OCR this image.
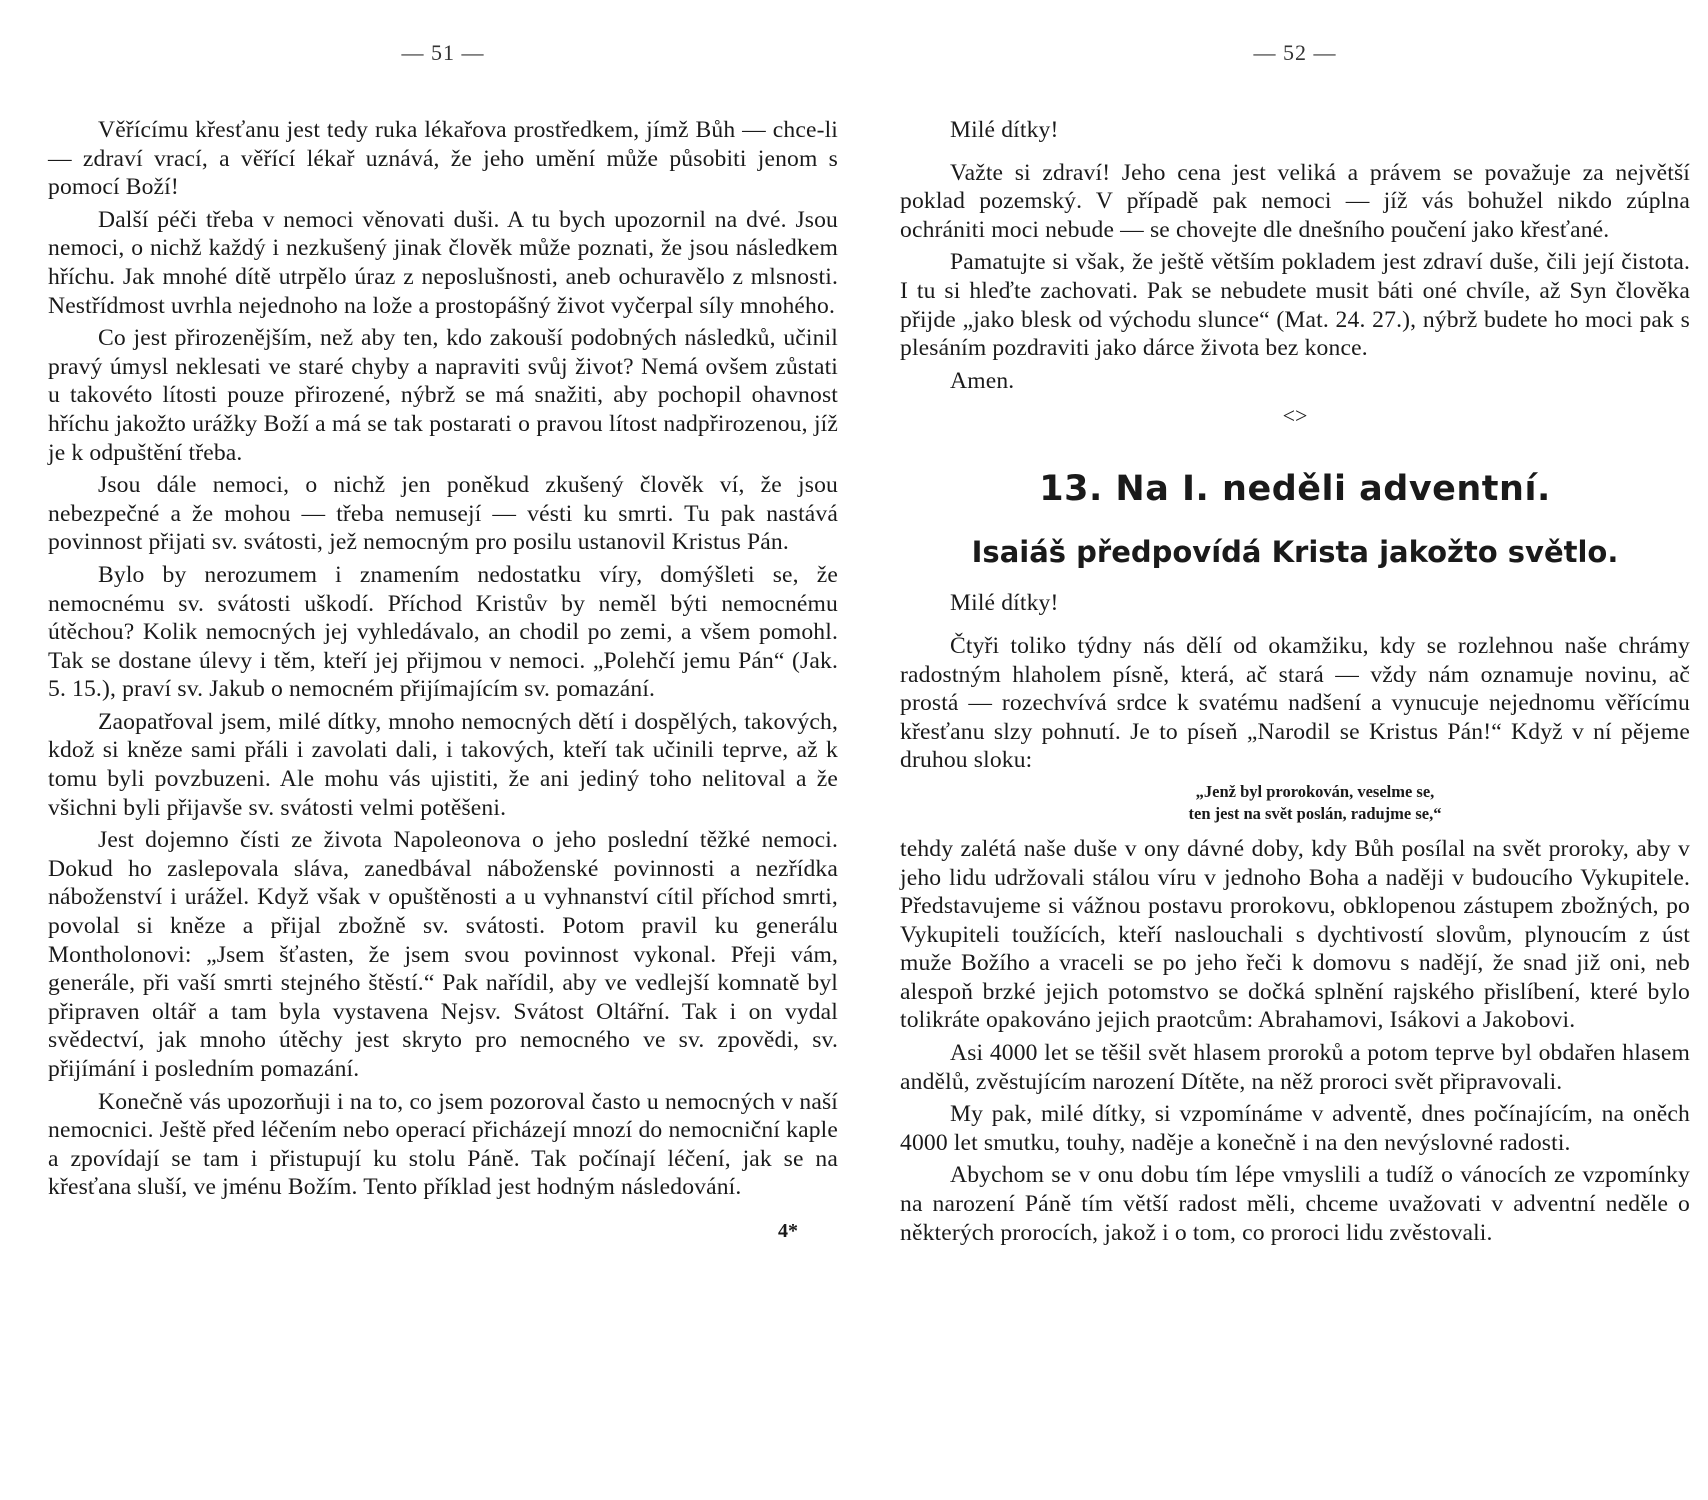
— 51 —

Věřícímu křesťanu jest tedy ruka lékařova prostředkem, jímž Bůh — chce-li — zdraví vrací, a věřící lékař uznává, že jeho umění může působiti jenom s pomocí Boží!

Další péči třeba v nemoci věnovati duši. A tu bych upozornil na dvé. Jsou nemoci, o nichž každý i nezkušený jinak člověk může poznati, že jsou následkem hříchu. Jak mnohé dítě utrpělo úraz z neposlušnosti, aneb ochuravělo z mlsnosti. Nestřídmost uvrhla nejednoho na lože a prostopášný život vyčerpal síly mnohého.

Co jest přirozenějším, než aby ten, kdo zakouší podobných následků, učinil pravý úmysl neklesati ve staré chyby a napraviti svůj život? Nemá ovšem zůstati u takovéto lítosti pouze přirozené, nýbrž se má snažiti, aby pochopil ohavnost hříchu jakožto urážky Boží a má se tak postarati o pravou lítost nadpřirozenou, jíž je k odpuštění třeba.

Jsou dále nemoci, o nichž jen poněkud zkušený člověk ví, že jsou nebezpečné a že mohou — třeba nemusejí — vésti ku smrti. Tu pak nastává povinnost přijati sv. svátosti, jež nemocným pro posilu ustanovil Kristus Pán.

Bylo by nerozumem i znamením nedostatku víry, domýšleti se, že nemocnému sv. svátosti uškodí. Příchod Kristův by neměl býti nemocnému útěchou? Kolik nemocných jej vyhledávalo, an chodil po zemi, a všem pomohl. Tak se dostane úlevy i těm, kteří jej přijmou v nemoci. „Polehčí jemu Pán“ (Jak. 5. 15.), praví sv. Jakub o nemocném přijímajícím sv. pomazání.

Zaopatřoval jsem, milé dítky, mnoho nemocných dětí i dospělých, takových, kdož si kněze sami přáli i zavolati dali, i takových, kteří tak učinili teprve, až k tomu byli povzbuzeni. Ale mohu vás ujistiti, že ani jediný toho nelitoval a že všichni byli přijavše sv. svátosti velmi potěšeni.

Jest dojemno čísti ze života Napoleonova o jeho poslední těžké nemoci. Dokud ho zaslepovala sláva, zanedbával náboženské povinnosti a nezřídka náboženství i urážel. Když však v opuštěnosti a u vyhnanství cítil příchod smrti, povolal si kněze a přijal zbožně sv. svátosti. Potom pravil ku generálu Montholonovi: „Jsem šťasten, že jsem svou povinnost vykonal. Přeji vám, generále, při vaší smrti stejného štěstí.“ Pak nařídil, aby ve vedlejší komnatě byl připraven oltář a tam byla vystavena Nejsv. Svátost Oltářní. Tak i on vydal svědectví, jak mnoho útěchy jest skryto pro nemocného ve sv. zpovědi, sv. přijímání i posledním pomazání.

Konečně vás upozorňuji i na to, co jsem pozoroval často u nemocných v naší nemocnici. Ještě před léčením nebo operací přicházejí mnozí do nemocniční kaple a zpovídají se tam i přistupují ku stolu Páně. Tak počínají léčení, jak se na křesťana sluší, ve jménu Božím. Tento příklad jest hodným následování.

4*
— 52 —

Milé dítky!

Važte si zdraví! Jeho cena jest veliká a právem se považuje za největší poklad pozemský. V případě pak nemoci — jíž vás bohužel nikdo zúplna ochrániti moci nebude — se chovejte dle dnešního poučení jako křesťané.

Pamatujte si však, že ještě větším pokladem jest zdraví duše, čili její čistota. I tu si hleďte zachovati. Pak se nebudete musit báti oné chvíle, až Syn člověka přijde „jako blesk od východu slunce“ (Mat. 24. 27.), nýbrž budete ho moci pak s plesáním pozdraviti jako dárce života bez konce.

Amen.

<>
13. Na I. neděli adventní.
Isaiáš předpovídá Krista jakožto světlo.

Milé dítky!

Čtyři toliko týdny nás dělí od okamžiku, kdy se rozlehnou naše chrámy radostným hlaholem písně, která, ač stará — vždy nám oznamuje novinu, ač prostá — rozechvívá srdce k svatému nadšení a vynucuje nejednomu věřícímu křesťanu slzy pohnutí. Je to píseň „Narodil se Kristus Pán!“ Když v ní pějeme druhou sloku:

„Jenž byl prorokován, veselme se,
ten jest na svět poslán, radujme se,“

tehdy zalétá naše duše v ony dávné doby, kdy Bůh posílal na svět proroky, aby v jeho lidu udržovali stálou víru v jednoho Boha a naději v budoucího Vykupitele. Představujeme si vážnou postavu prorokovu, obklopenou zástupem zbožných, po Vykupiteli toužících, kteří naslouchali s dychtivostí slovům, plynoucím z úst muže Božího a vraceli se po jeho řeči k domovu s nadějí, že snad již oni, neb alespoň brzké jejich potomstvo se dočká splnění rajského přislíbení, které bylo tolikráte opakováno jejich praotcům: Abrahamovi, Isákovi a Jakobovi.

Asi 4000 let se těšil svět hlasem proroků a potom teprve byl obdařen hlasem andělů, zvěstujícím narození Dítěte, na něž proroci svět připravovali.

My pak, milé dítky, si vzpomínáme v adventě, dnes počínajícím, na oněch 4000 let smutku, touhy, naděje a konečně i na den nevýslovné radosti.

Abychom se v onu dobu tím lépe vmyslili a tudíž o vánocích ze vzpomínky na narození Páně tím větší radost měli, chceme uvažovati v adventní neděle o některých prorocích, jakož i o tom, co proroci lidu zvěstovali.
